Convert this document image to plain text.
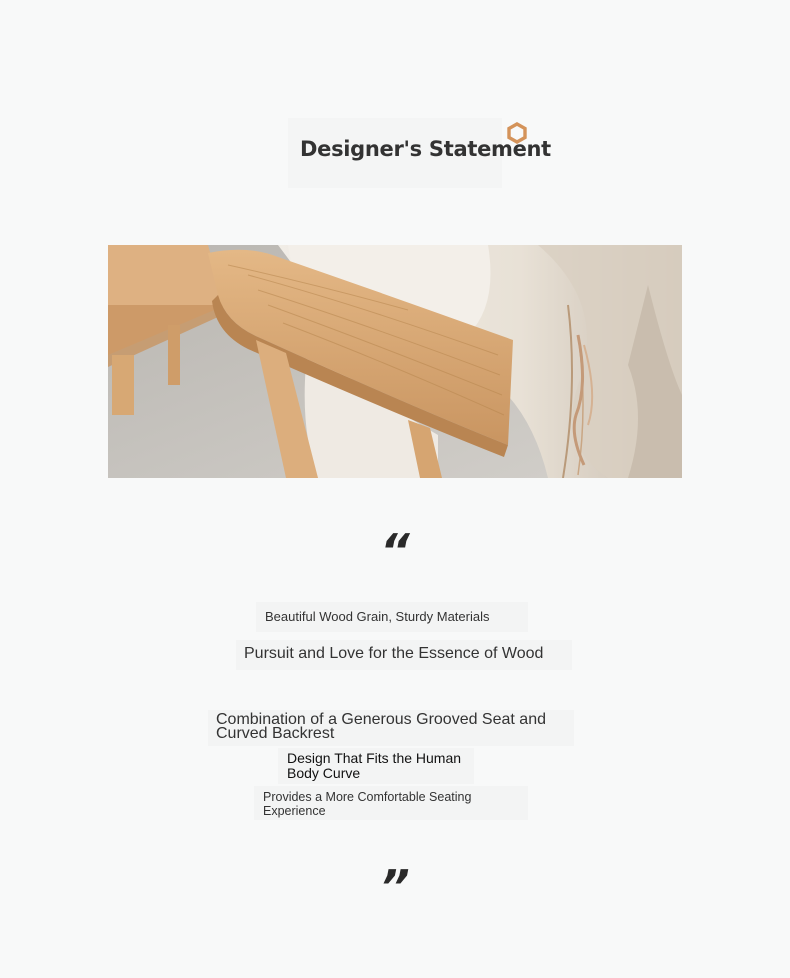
Designer's Statement
“
Beautiful Wood Grain, Sturdy Materials
Pursuit and Love for the Essence of Wood
Combination of a Generous Grooved Seat and Curved Backrest
Design That Fits the Human Body Curve
Provides a More Comfortable Seating Experience
”
